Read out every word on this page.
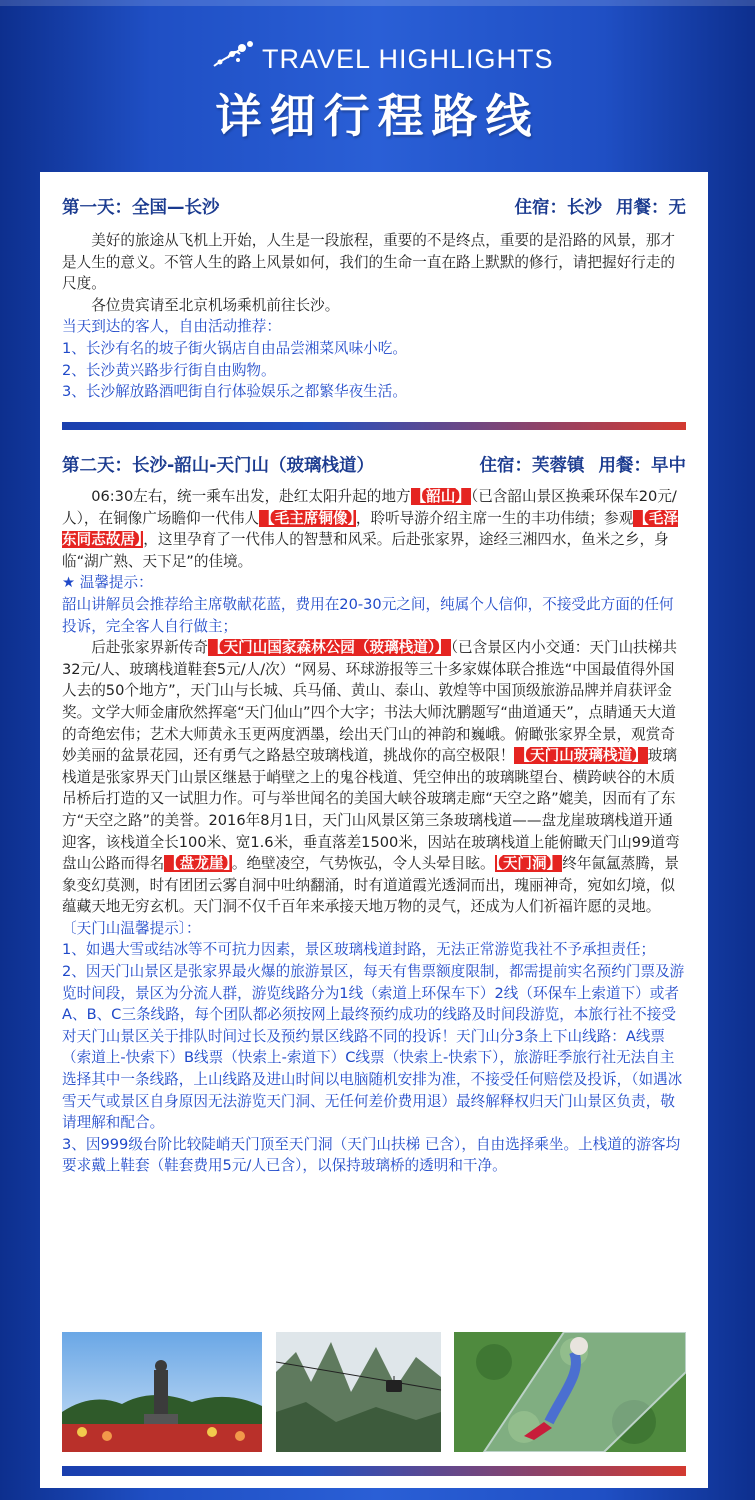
TRAVEL HIGHLIGHTS
详细行程路线
第一天：全国—长沙	住宿：长沙 用餐：无

美好的旅途从飞机上开始，人生是一段旅程，重要的不是终点，重要的是沿路的风景，那才是人生的意义。不管人生的路上风景如何，我们的生命一直在路上默默的修行，请把握好行走的尺度。

各位贵宾请至北京机场乘机前往长沙。

当天到达的客人，自由活动推荐：

1、长沙有名的坡子街火锅店自由品尝湘菜风味小吃。

2、长沙黄兴路步行街自由购物。

3、长沙解放路酒吧街自行体验娱乐之都繁华夜生活。

第二天：长沙-韶山-天门山（玻璃栈道）	住宿：芙蓉镇 用餐：早中

06:30左右，统一乘车出发，赴红太阳升起的地方【韶山】（已含韶山景区换乘环保车20元/人），在铜像广场瞻仰一代伟人【毛主席铜像】，聆听导游介绍主席一生的丰功伟绩；参观【毛泽东同志故居】，这里孕育了一代伟人的智慧和风采。后赴张家界，途经三湘四水，鱼米之乡，身临“湖广熟、天下足”的佳境。

★ 温馨提示：

韶山讲解员会推荐给主席敬献花蓝，费用在20-30元之间，纯属个人信仰，不接受此方面的任何投诉，完全客人自行做主；

后赴张家界新传奇【天门山国家森林公园（玻璃栈道）】（已含景区内小交通：天门山扶梯共32元/人、玻璃栈道鞋套5元/人/次）“网易、环球游报等三十多家媒体联合推选“中国最值得外国人去的50个地方”，天门山与长城、兵马俑、黄山、泰山、敦煌等中国顶级旅游品牌并肩获评金奖。文学大师金庸欣然挥毫“天门仙山”四个大字；书法大师沈鹏题写“曲道通天”，点睛通天大道的奇绝宏伟；艺术大师黄永玉更两度洒墨，绘出天门山的神韵和巍峨。俯瞰张家界全景，观赏奇妙美丽的盆景花园，还有勇气之路悬空玻璃栈道，挑战你的高空极限！【天门山玻璃栈道】玻璃栈道是张家界天门山景区继悬于峭壁之上的鬼谷栈道、凭空伸出的玻璃眺望台、横跨峡谷的木质吊桥后打造的又一试胆力作。可与举世闻名的美国大峡谷玻璃走廊“天空之路”媲美，因而有了东方“天空之路”的美誉。2016年8月1日，天门山风景区第三条玻璃栈道——盘龙崖玻璃栈道开通迎客，该栈道全长100米、宽1.6米，垂直落差1500米，因站在玻璃栈道上能俯瞰天门山99道弯盘山公路而得名【盘龙崖】。绝壁凌空，气势恢弘，令人头晕目眩。【天门洞】终年氤氲蒸腾，景象变幻莫测，时有团团云雾自洞中吐纳翻涌，时有道道霞光透洞而出，瑰丽神奇，宛如幻境，似蕴藏天地无穷玄机。天门洞不仅千百年来承接天地万物的灵气，还成为人们祈福许愿的灵地。

〔天门山温馨提示〕：

1、如遇大雪或结冰等不可抗力因素，景区玻璃栈道封路，无法正常游览我社不予承担责任；

2、因天门山景区是张家界最火爆的旅游景区，每天有售票额度限制，都需提前实名预约门票及游览时间段，景区为分流人群，游览线路分为1线（索道上环保车下）2线（环保车上索道下）或者A、B、C三条线路，每个团队都必须按网上最终预约成功的线路及时间段游览，本旅行社不接受对天门山景区关于排队时间过长及预约景区线路不同的投诉！天门山分3条上下山线路：A线票（索道上-快索下）B线票（快索上-索道下）C线票（快索上-快索下），旅游旺季旅行社无法自主选择其中一条线路，上山线路及进山时间以电脑随机安排为准，不接受任何赔偿及投诉，（如遇冰雪天气或景区自身原因无法游览天门洞、无任何差价费用退）最终解释权归天门山景区负责，敬请理解和配合。

3、因999级台阶比较陡峭天门顶至天门洞（天门山扶梯 已含），自由选择乘坐。上栈道的游客均要求戴上鞋套（鞋套费用5元/人已含），以保持玻璃桥的透明和干净。
